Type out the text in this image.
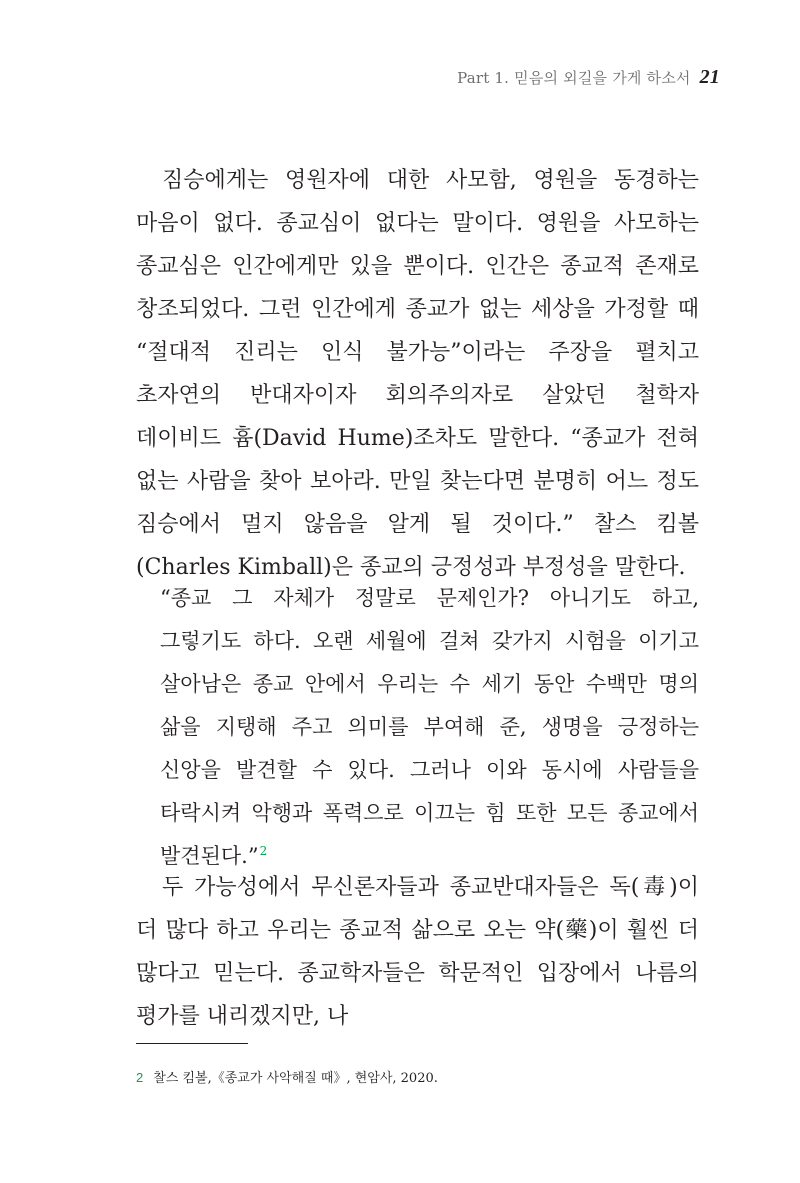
Part 1. 믿음의 외길을 가게 하소서 21

짐승에게는 영원자에 대한 사모함, 영원을 동경하는 마음이 없다. 종교심이 없다는 말이다. 영원을 사모하는 종교심은 인간에게만 있을 뿐이다. 인간은 종교적 존재로 창조되었다. 그런 인간에게 종교가 없는 세상을 가정할 때 “절대적 진리는 인식 불가능”이라는 주장을 펼치고 초자연의 반대자이자 회의주의자로 살았던 철학자 데이비드 흄(David Hume)조차도 말한다. “종교가 전혀 없는 사람을 찾아 보아라. 만일 찾는다면 분명히 어느 정도 짐승에서 멀지 않음을 알게 될 것이다.” 찰스 킴볼(Charles Kimball)은 종교의 긍정성과 부정성을 말한다.

“종교 그 자체가 정말로 문제인가? 아니기도 하고, 그렇기도 하다. 오랜 세월에 걸쳐 갖가지 시험을 이기고 살아남은 종교 안에서 우리는 수 세기 동안 수백만 명의 삶을 지탱해 주고 의미를 부여해 준, 생명을 긍정하는 신앙을 발견할 수 있다. 그러나 이와 동시에 사람들을 타락시켜 악행과 폭력으로 이끄는 힘 또한 모든 종교에서 발견된다.”$^2$

두 가능성에서 무신론자들과 종교반대자들은 독(毒)이 더 많다 하고 우리는 종교적 삶으로 오는 약(藥)이 훨씬 더 많다고 믿는다. 종교학자들은 학문적인 입장에서 나름의 평가를 내리겠지만, 나

2 찰스 킴볼,《종교가 사악해질 때》, 현암사, 2020.
